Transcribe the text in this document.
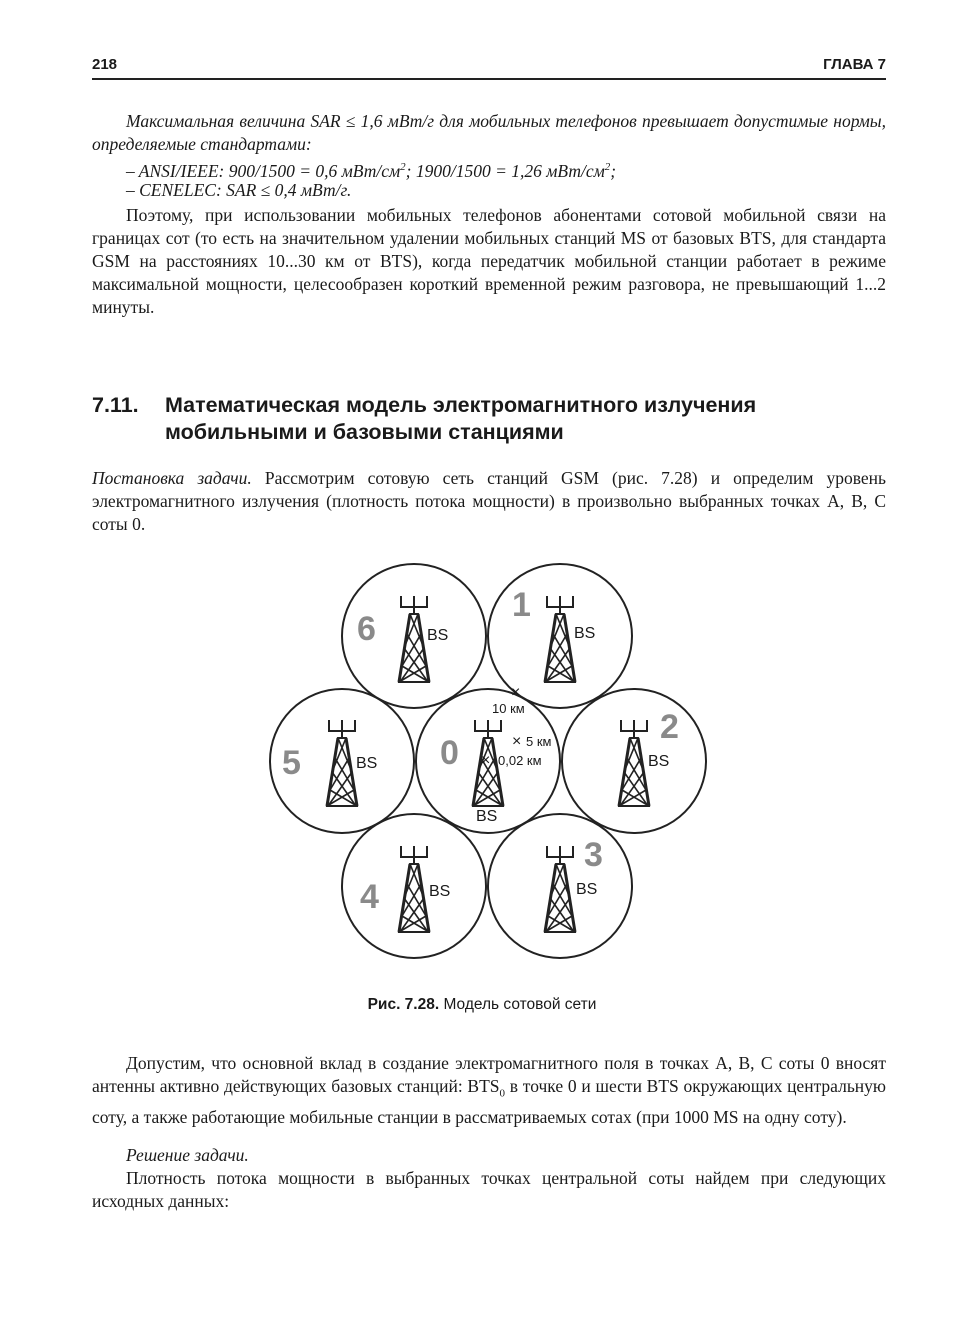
218	ГЛАВА 7

Максимальная величина SAR ≤ 1,6 мВт/г для мобильных телефонов превышает допустимые нормы, определяемые стандартами:

– ANSI/IEEE: 900/1500 = 0,6 мВт/$см^2$; 1900/1500 = 1,26 мВт/$см^2$;

– CENELEC: SAR ≤ 0,4 мВт/г.

Поэтому, при использовании мобильных телефонов абонентами сотовой мобильной связи на границах сот (то есть на значительном удалении мобильных станций MS от базовых BTS, для стандарта GSM на расстояниях 10...30 км от BTS), когда передатчик мобильной станции работает в режиме максимальной мощности, целесообразен короткий временной режим разговора, не превышающий 1...2 минуты.

7.11. Математическая модель электромагнитного излучения мобильными и базовыми станциями

Постановка задачи. Рассмотрим сотовую сеть станций GSM (рис. 7.28) и определим уровень электромагнитного излучения (плотность потока мощности) в произвольно выбранных точках А, В, С соты 0.

6
1
5	0
2
4
3
BS	BS
BS
BS
BS
BS	BS
×
10 км
× 5 км
× 0,02 км
Рис. 7.28. Модель сотовой сети

Допустим, что основной вклад в создание электромагнитного поля в точках А, В, С соты 0 вносят антенны активно действующих базовых станций: $BTS_0$ в точке 0 и шести BTS окружающих центральную соту, а также работающие мобильные станции в рассматриваемых сотах (при 1000 MS на одну соту).

Решение задачи.

Плотность потока мощности в выбранных точках центральной соты найдем при следующих исходных данных:
